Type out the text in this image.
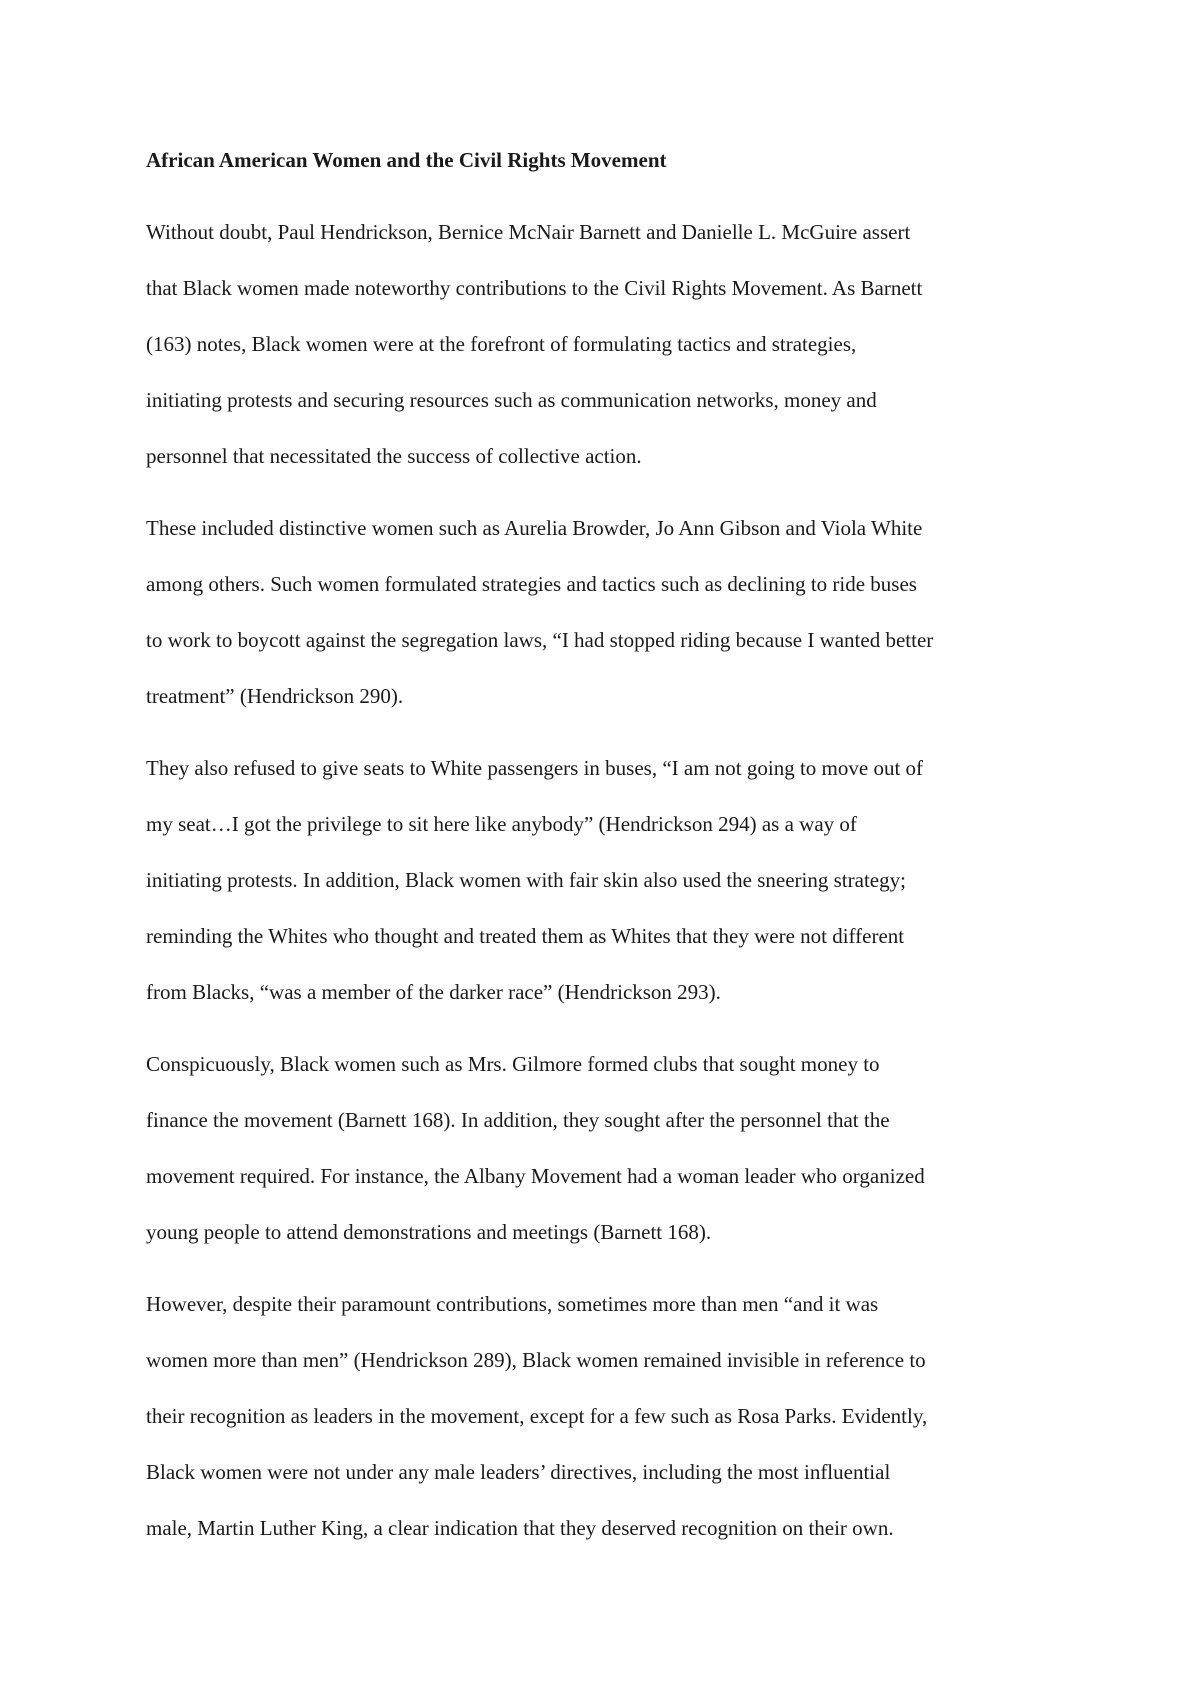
African American Women and the Civil Rights Movement
Without doubt, Paul Hendrickson, Bernice McNair Barnett and Danielle L. McGuire assert
that Black women made noteworthy contributions to the Civil Rights Movement. As Barnett
(163) notes, Black women were at the forefront of formulating tactics and strategies,
initiating protests and securing resources such as communication networks, money and
personnel that necessitated the success of collective action.
These included distinctive women such as Aurelia Browder, Jo Ann Gibson and Viola White
among others. Such women formulated strategies and tactics such as declining to ride buses
to work to boycott against the segregation laws, “I had stopped riding because I wanted better
treatment” (Hendrickson 290).
They also refused to give seats to White passengers in buses, “I am not going to move out of
my seat…I got the privilege to sit here like anybody” (Hendrickson 294) as a way of
initiating protests. In addition, Black women with fair skin also used the sneering strategy;
reminding the Whites who thought and treated them as Whites that they were not different
from Blacks, “was a member of the darker race” (Hendrickson 293).
Conspicuously, Black women such as Mrs. Gilmore formed clubs that sought money to
finance the movement (Barnett 168). In addition, they sought after the personnel that the
movement required. For instance, the Albany Movement had a woman leader who organized
young people to attend demonstrations and meetings (Barnett 168).
However, despite their paramount contributions, sometimes more than men “and it was
women more than men” (Hendrickson 289), Black women remained invisible in reference to
their recognition as leaders in the movement, except for a few such as Rosa Parks. Evidently,
Black women were not under any male leaders’ directives, including the most influential
male, Martin Luther King, a clear indication that they deserved recognition on their own.
